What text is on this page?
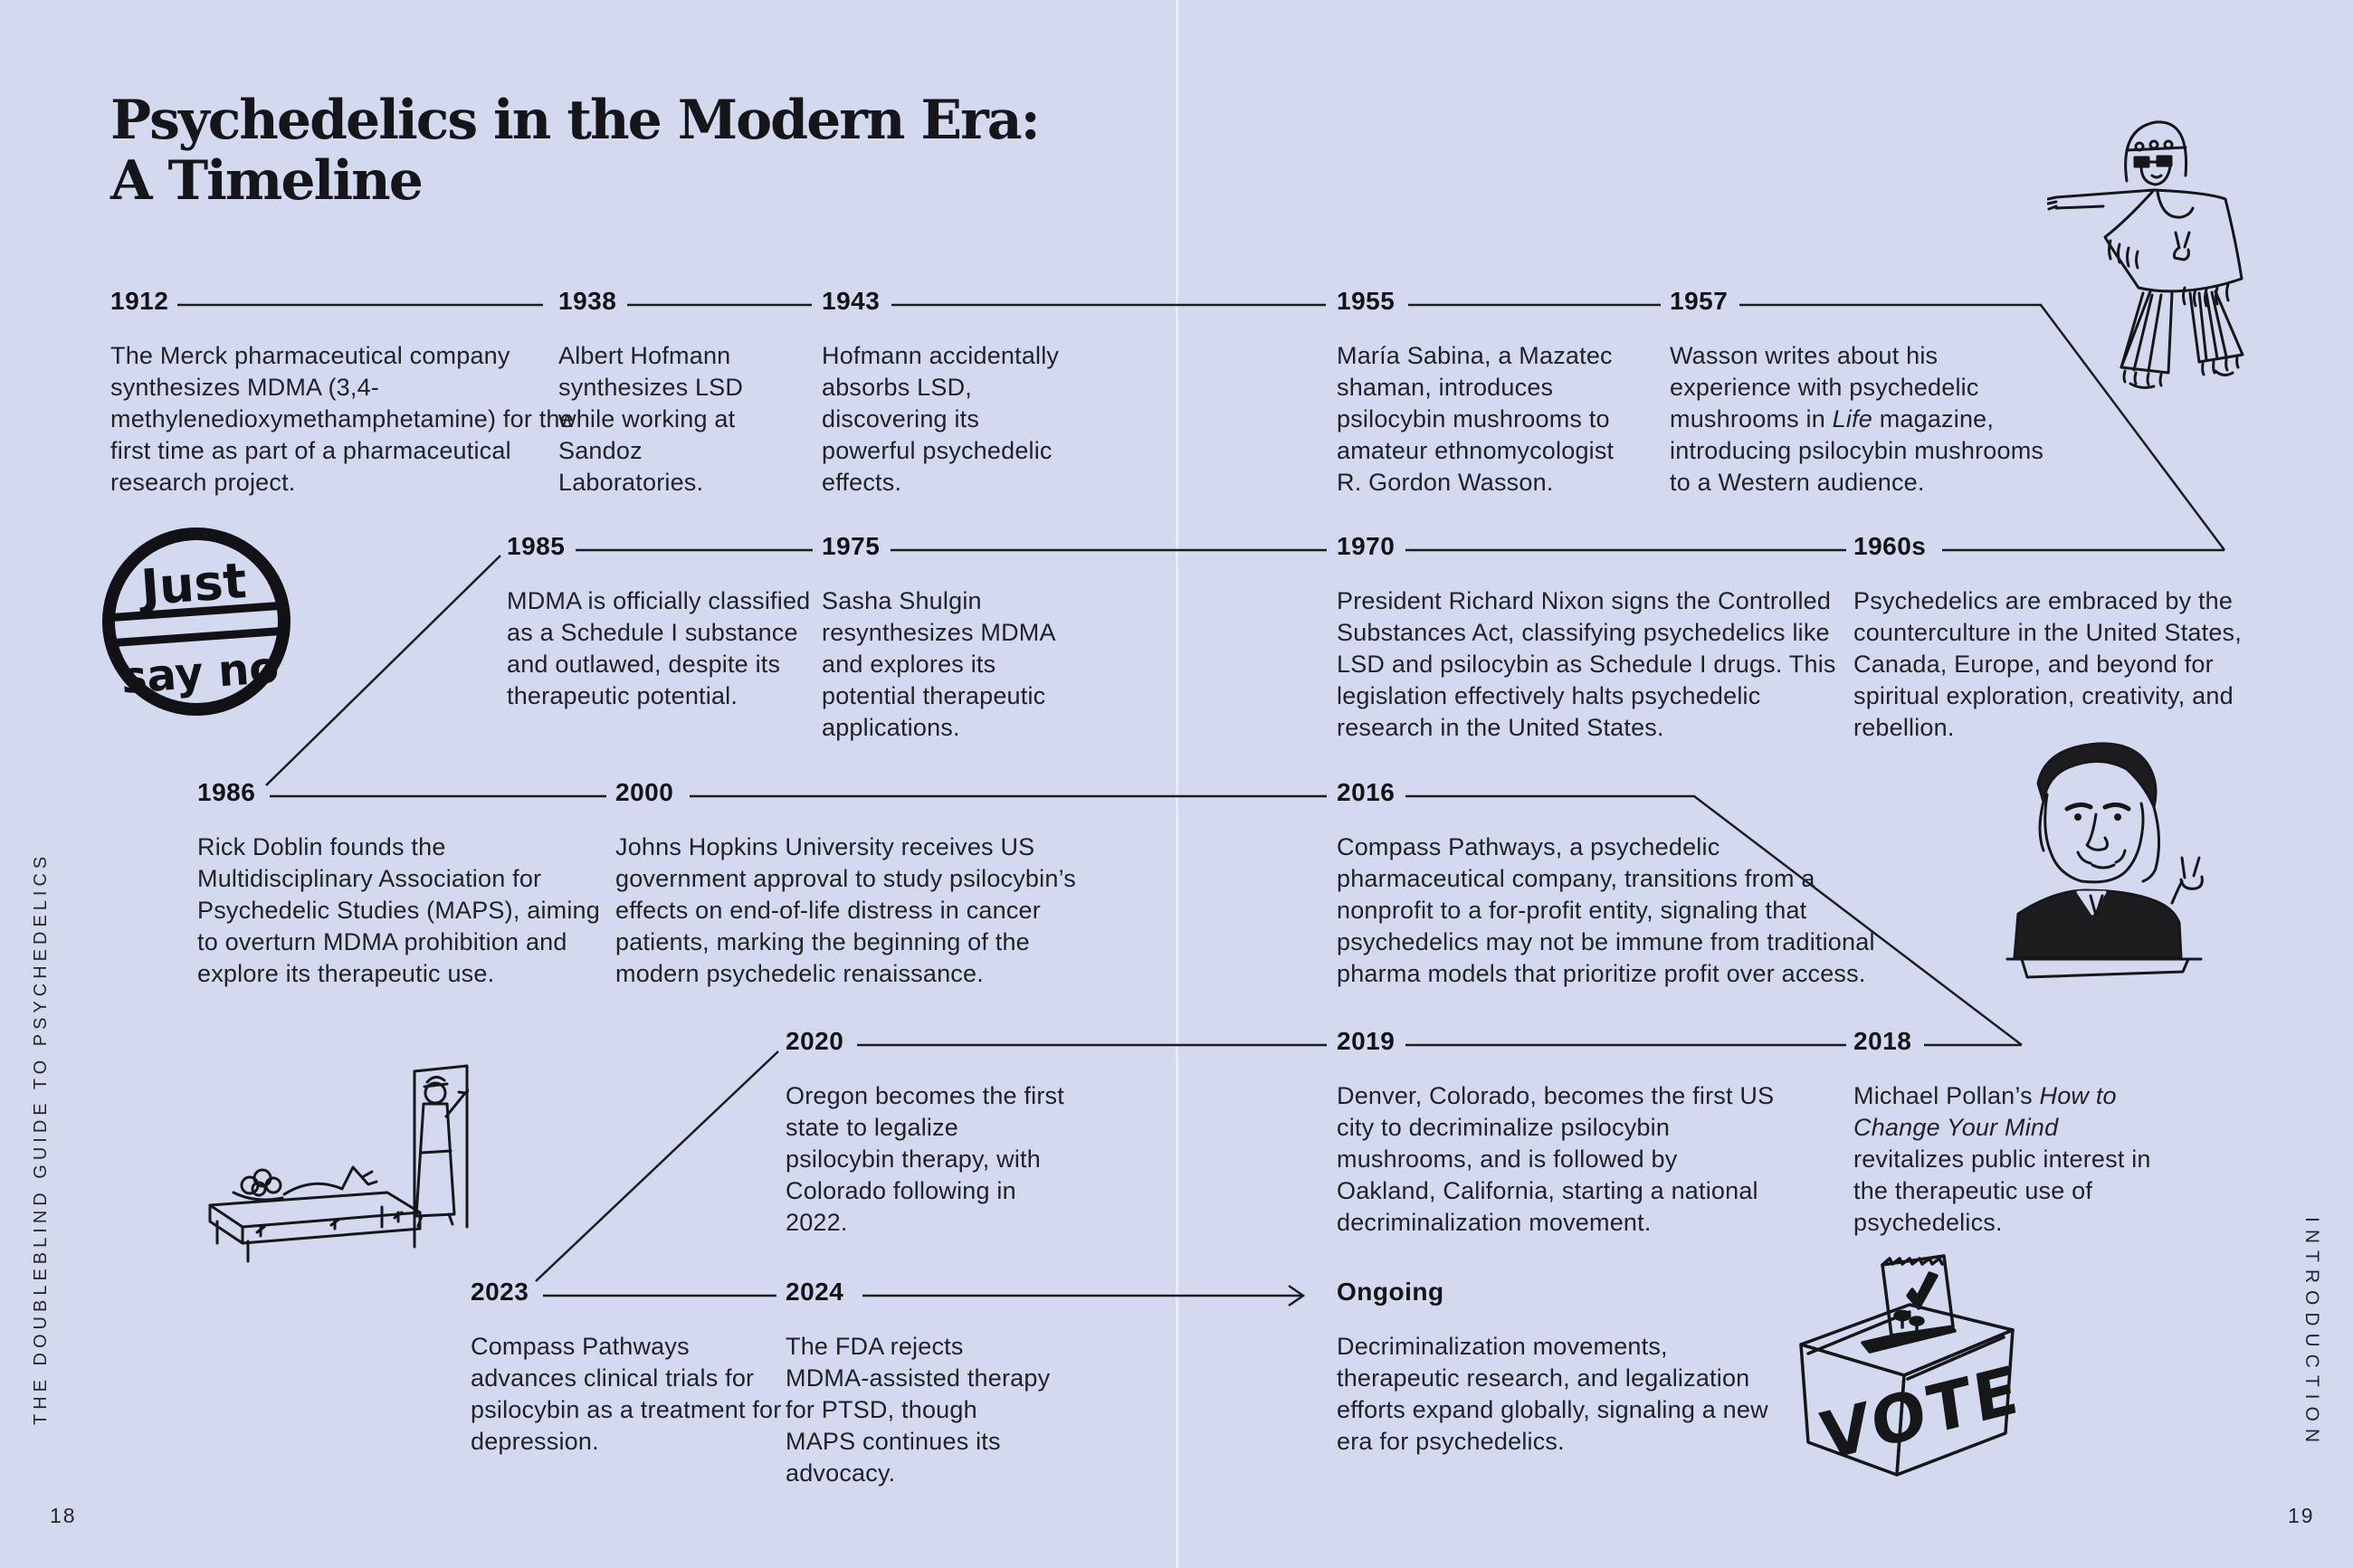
Psychedelics in the Modern Era:
A Timeline
1912

The Merck pharmaceutical company synthesizes MDMA (3,4-methylenedioxymethamphetamine) for the first time as part of a pharmaceutical research project.

1938

Albert Hofmann synthesizes LSD while working at Sandoz Laboratories.

1943

Hofmann accidentally absorbs LSD, discovering its powerful psychedelic effects.

1955

María Sabina, a Mazatec shaman, introduces psilocybin mushrooms to amateur ethnomycologist R. Gordon Wasson.

1957

Wasson writes about his experience with psychedelic mushrooms in Life magazine, introducing psilocybin mushrooms to a Western audience.

1985

MDMA is officially classified as a Schedule I substance and outlawed, despite its therapeutic potential.

1975

Sasha Shulgin resynthesizes MDMA and explores its potential therapeutic applications.

1970

President Richard Nixon signs the Controlled Substances Act, classifying psychedelics like LSD and psilocybin as Schedule I drugs. This legislation effectively halts psychedelic research in the United States.

1960s

Psychedelics are embraced by the counterculture in the United States, Canada, Europe, and beyond for spiritual exploration, creativity, and rebellion.

1986

Rick Doblin founds the Multidisciplinary Association for Psychedelic Studies (MAPS), aiming to overturn MDMA prohibition and explore its therapeutic use.

2000

Johns Hopkins University receives US government approval to study psilocybin’s effects on end-of-life distress in cancer patients, marking the beginning of the modern psychedelic renaissance.

2016

Compass Pathways, a psychedelic pharmaceutical company, transitions from a nonprofit to a for-profit entity, signaling that psychedelics may not be immune from traditional pharma models that prioritize profit over access.

2020

Oregon becomes the first state to legalize psilocybin therapy, with Colorado following in 2022.

2019

Denver, Colorado, becomes the first US city to decriminalize psilocybin mushrooms, and is followed by Oakland, California, starting a national decriminalization movement.

2018

Michael Pollan’s How to Change Your Mind revitalizes public interest in the therapeutic use of psychedelics.

2023

Compass Pathways advances clinical trials for psilocybin as a treatment for depression.

2024

The FDA rejects MDMA-assisted therapy for PTSD, though MAPS continues its advocacy.

Ongoing

Decriminalization movements, therapeutic research, and legalization efforts expand globally, signaling a new era for psychedelics.

Just
say no
VOTE
THE DOUBLEBLIND GUIDE TO PSYCHEDELICS	INTRODUCTION
18	19
